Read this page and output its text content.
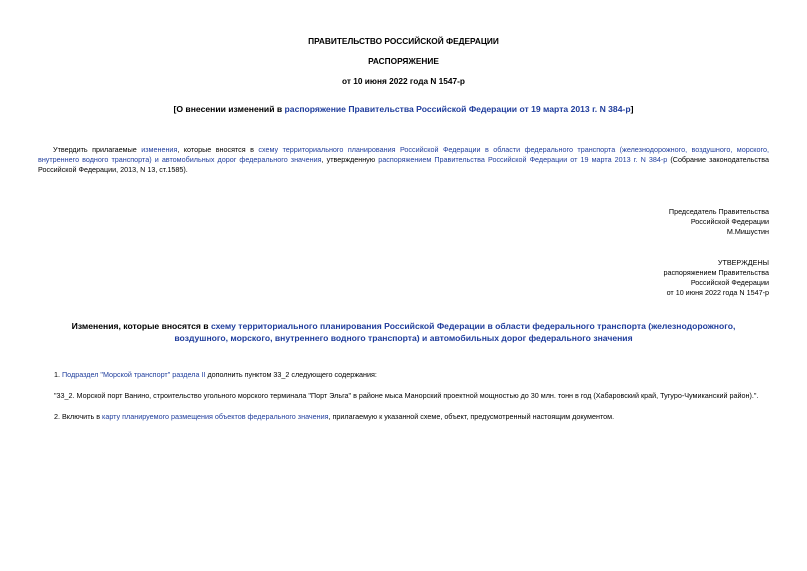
ПРАВИТЕЛЬСТВО РОССИЙСКОЙ ФЕДЕРАЦИИ
РАСПОРЯЖЕНИЕ
от 10 июня 2022 года N 1547-р
[О внесении изменений в распоряжение Правительства Российской Федерации от 19 марта 2013 г. N 384-р]
Утвердить прилагаемые изменения, которые вносятся в схему территориального планирования Российской Федерации в области федерального транспорта (железнодорожного, воздушного, морского, внутреннего водного транспорта) и автомобильных дорог федерального значения, утвержденную распоряжением Правительства Российской Федерации от 19 марта 2013 г. N 384-р (Собрание законодательства Российской Федерации, 2013, N 13, ст.1585).
Председатель Правительства
Российской Федерации
М.Мишустин
УТВЕРЖДЕНЫ
распоряжением Правительства
Российской Федерации
от 10 июня 2022 года N 1547-р
Изменения, которые вносятся в схему территориального планирования Российской Федерации в области федерального транспорта (железнодорожного,
воздушного, морского, внутреннего водного транспорта) и автомобильных дорог федерального значения
1. Подраздел "Морской транспорт" раздела II дополнить пунктом 33_2 следующего содержания:
"33_2. Морской порт Ванино, строительство угольного морского терминала "Порт Эльга" в районе мыса Манорский проектной мощностью до 30 млн. тонн в год (Хабаровский край, Тугуро-Чумиканский район).".
2. Включить в карту планируемого размещения объектов федерального значения, прилагаемую к указанной схеме, объект, предусмотренный настоящим документом.
